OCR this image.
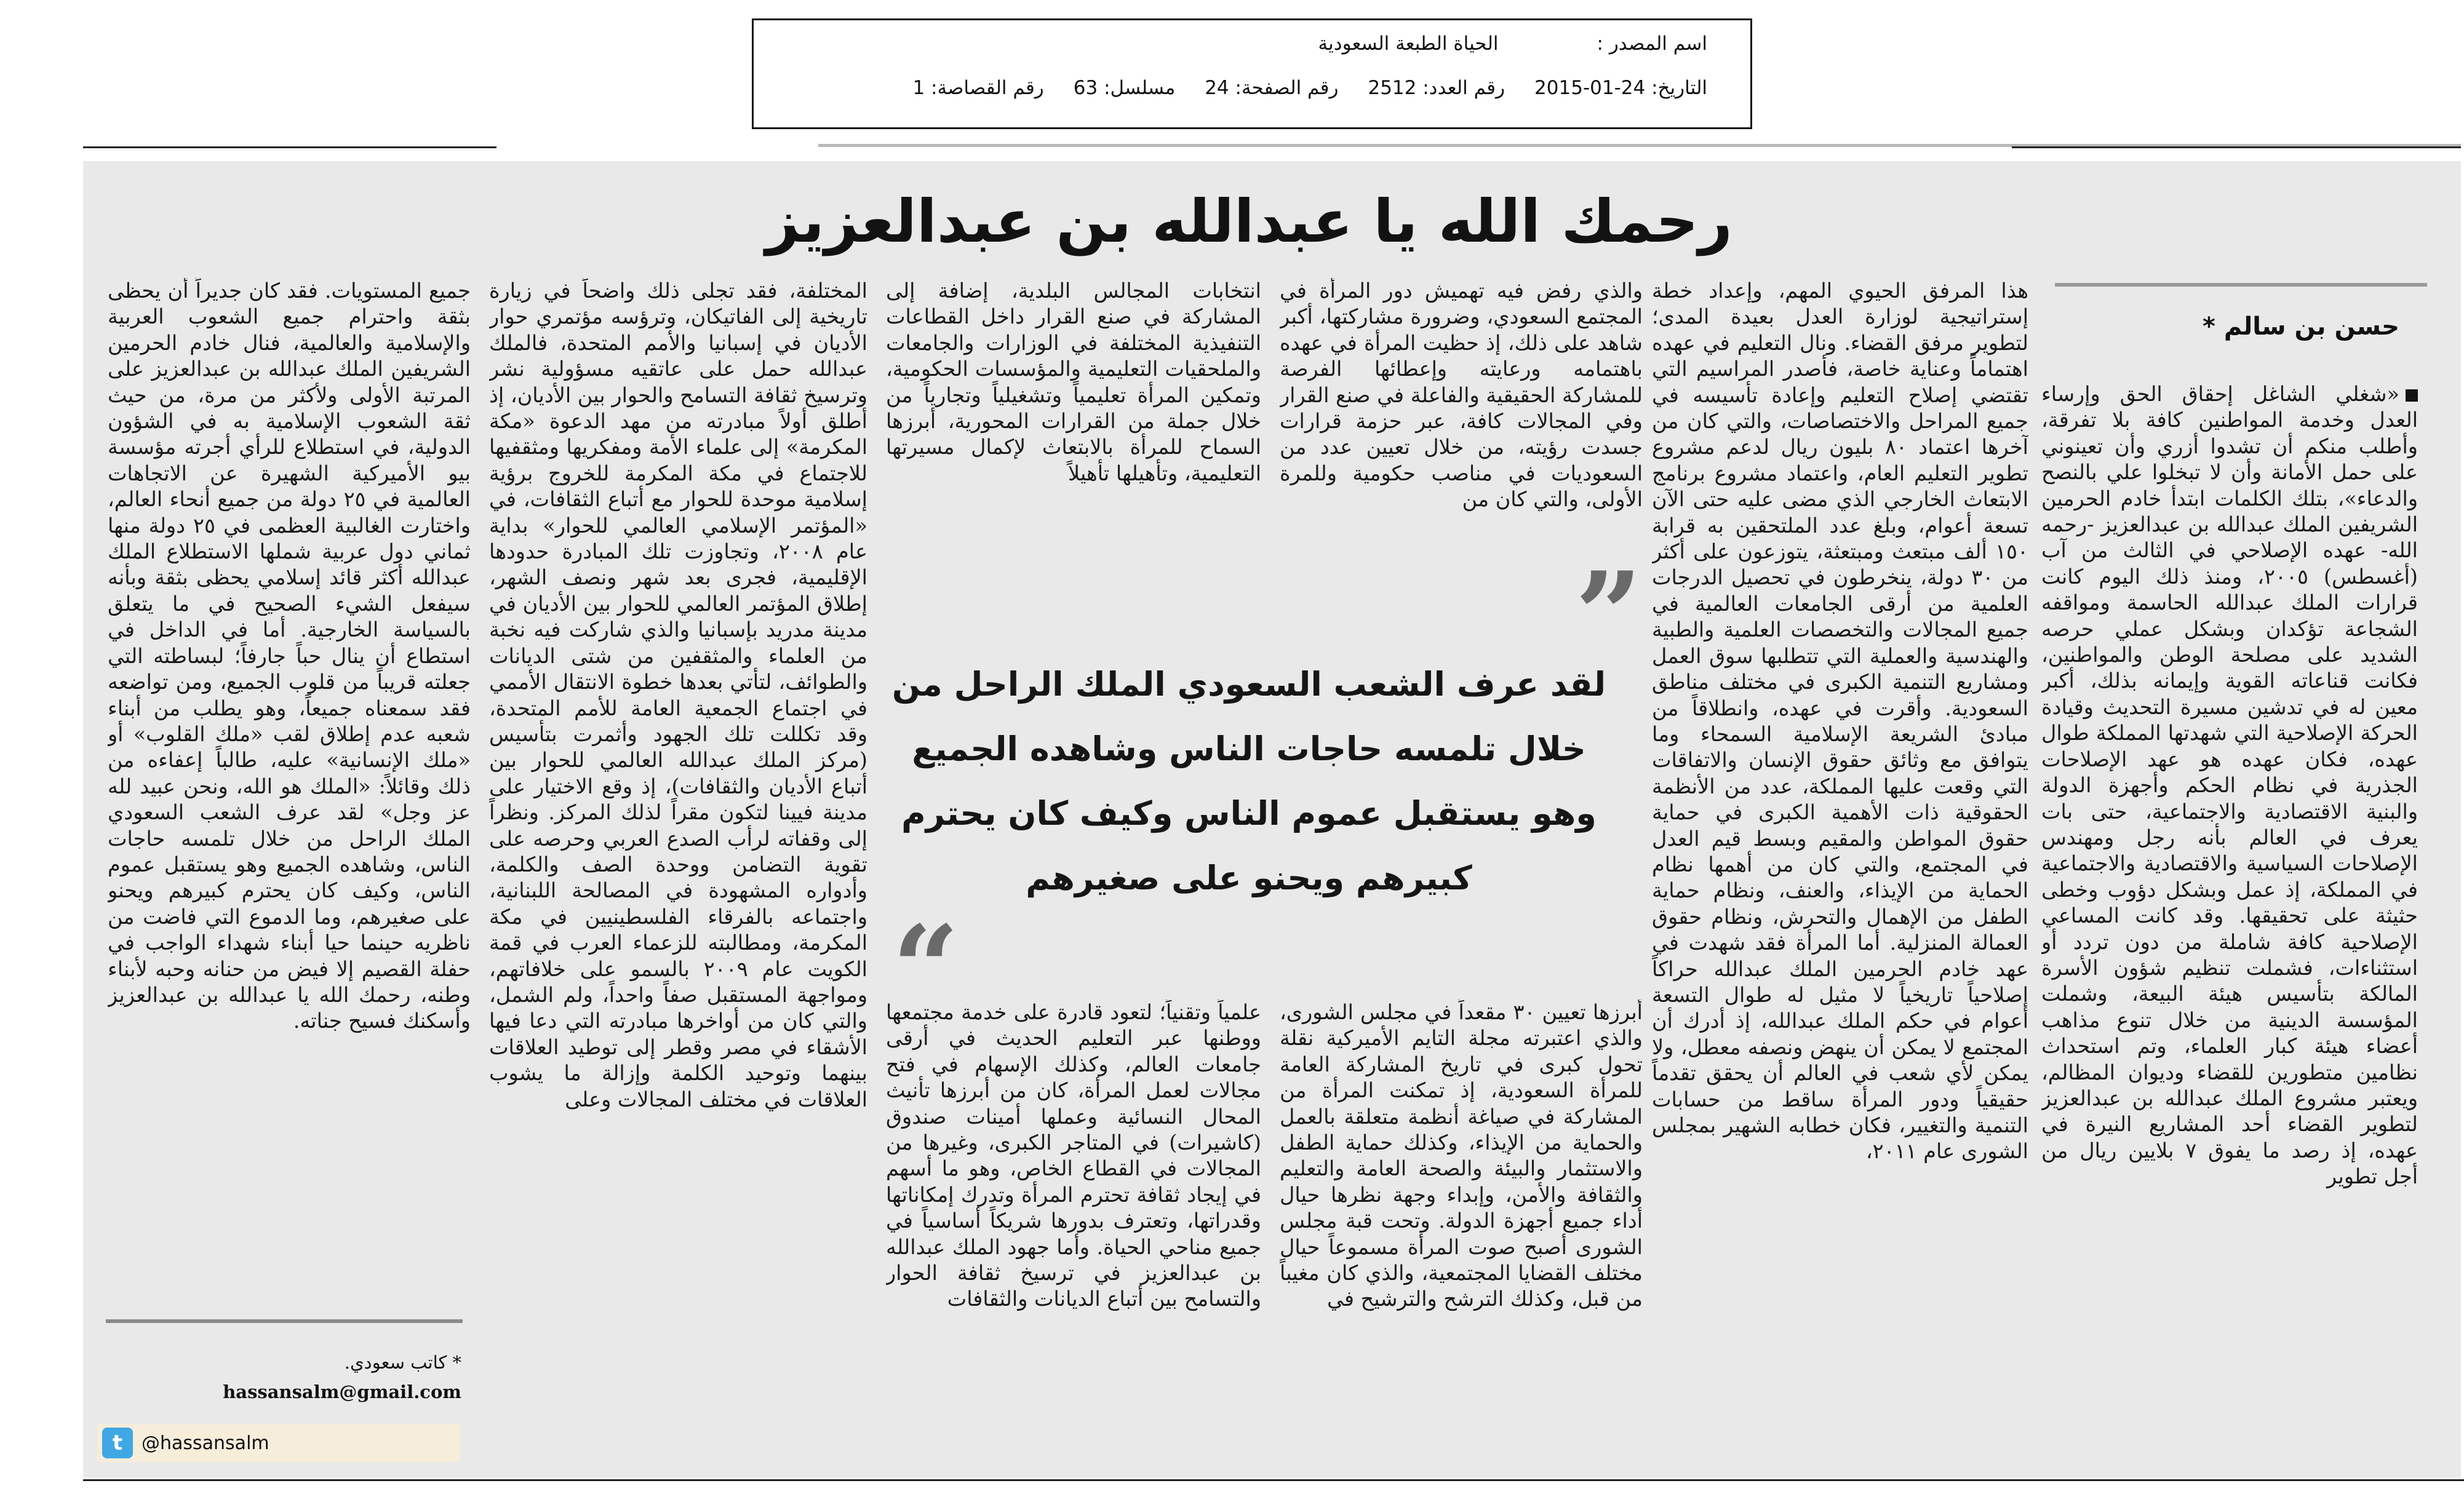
اسم المصدر :
الحياة الطبعة السعودية
التاريخ: 24-01-2015
رقم العدد: 2512
رقم الصفحة: 24
مسلسل: 63
رقم القصاصة: 1
رحمك الله يا عبدالله بن عبدالعزيز
حسن بن سالم *

«شغلي الشاغل إحقاق الحق وإرساء العدل وخدمة المواطنين كافة بلا تفرقة، وأطلب منكم أن تشدوا أزري وأن تعينوني على حمل الأمانة وأن لا تبخلوا علي بالنصح والدعاء»، بتلك الكلمات ابتدأ خادم الحرمين الشريفين الملك عبدالله بن عبدالعزيز -رحمه الله- عهده الإصلاحي في الثالث من آب (أغسطس) ٢٠٠٥، ومنذ ذلك اليوم كانت قرارات الملك عبدالله الحاسمة ومواقفه الشجاعة تؤكدان وبشكل عملي حرصه الشديد على مصلحة الوطن والمواطنين، فكانت قناعاته القوية وإيمانه بذلك، أكبر معين له في تدشين مسيرة التحديث وقيادة الحركة الإصلاحية التي شهدتها المملكة طوال عهده، فكان عهده هو عهد الإصلاحات الجذرية في نظام الحكم وأجهزة الدولة والبنية الاقتصادية والاجتماعية، حتى بات يعرف في العالم بأنه رجل ومهندس الإصلاحات السياسية والاقتصادية والاجتماعية في المملكة، إذ عمل وبشكل دؤوب وخطى حثيثة على تحقيقها. وقد كانت المساعي الإصلاحية كافة شاملة من دون تردد أو استثناءات، فشملت تنظيم شؤون الأسرة المالكة بتأسيس هيئة البيعة، وشملت المؤسسة الدينية من خلال تنوع مذاهب أعضاء هيئة كبار العلماء، وتم استحداث نظامين متطورين للقضاء وديوان المظالم، ويعتبر مشروع الملك عبدالله بن عبدالعزيز لتطوير القضاء أحد المشاريع النيرة في عهده، إذ رصد ما يفوق ٧ بلايين ريال من أجل تطوير

هذا المرفق الحيوي المهم، وإعداد خطة إستراتيجية لوزارة العدل بعيدة المدى؛ لتطوير مرفق القضاء. ونال التعليم في عهده اهتماماً وعناية خاصة، فأصدر المراسيم التي تقتضي إصلاح التعليم وإعادة تأسيسه في جميع المراحل والاختصاصات، والتي كان من آخرها اعتماد ٨٠ بليون ريال لدعم مشروع تطوير التعليم العام، واعتماد مشروع برنامج الابتعاث الخارجي الذي مضى عليه حتى الآن تسعة أعوام، وبلغ عدد الملتحقين به قرابة ١٥٠ ألف مبتعث ومبتعثة، يتوزعون على أكثر من ٣٠ دولة، ينخرطون في تحصيل الدرجات العلمية من أرقى الجامعات العالمية في جميع المجالات والتخصصات العلمية والطبية والهندسية والعملية التي تتطلبها سوق العمل ومشاريع التنمية الكبرى في مختلف مناطق السعودية. وأقرت في عهده، وانطلاقاً من مبادئ الشريعة الإسلامية السمحاء وما يتوافق مع وثائق حقوق الإنسان والاتفاقات التي وقعت عليها المملكة، عدد من الأنظمة الحقوقية ذات الأهمية الكبرى في حماية حقوق المواطن والمقيم وبسط قيم العدل في المجتمع، والتي كان من أهمها نظام الحماية من الإيذاء، والعنف، ونظام حماية الطفل من الإهمال والتحرش، ونظام حقوق العمالة المنزلية. أما المرأة فقد شهدت في عهد خادم الحرمين الملك عبدالله حراكاً إصلاحياً تاريخياً لا مثيل له طوال التسعة أعوام في حكم الملك عبدالله، إذ أدرك أن المجتمع لا يمكن أن ينهض ونصفه معطل، ولا يمكن لأي شعب في العالم أن يحقق تقدماً حقيقياً ودور المرأة ساقط من حسابات التنمية والتغيير، فكان خطابه الشهير بمجلس الشورى عام ٢٠١١،

والذي رفض فيه تهميش دور المرأة في المجتمع السعودي، وضرورة مشاركتها، أكبر شاهد على ذلك، إذ حظيت المرأة في عهده باهتمامه ورعايته وإعطائها الفرصة للمشاركة الحقيقية والفاعلة في صنع القرار وفي المجالات كافة، عبر حزمة قرارات جسدت رؤيته، من خلال تعيين عدد من السعوديات في مناصب حكومية وللمرة الأولى، والتي كان من

انتخابات المجالس البلدية، إضافة إلى المشاركة في صنع القرار داخل القطاعات التنفيذية المختلفة في الوزارات والجامعات والملحقيات التعليمية والمؤسسات الحكومية، وتمكين المرأة تعليمياً وتشغيلياً وتجارياً من خلال جملة من القرارات المحورية، أبرزها السماح للمرأة بالابتعاث لإكمال مسيرتها التعليمية، وتأهيلها تأهيلاً

”
لقد عرف الشعب السعودي الملك الراحل من خلال تلمسه حاجات الناس وشاهده الجميع وهو يستقبل عموم الناس وكيف كان يحترم كبيرهم ويحنو على صغيرهم
“	أبرزها تعيين ٣٠ مقعداً في مجلس الشورى، والذي اعتبرته مجلة التايم الأميركية نقلة تحول كبرى في تاريخ المشاركة العامة للمرأة السعودية، إذ تمكنت المرأة من المشاركة في صياغة أنظمة متعلقة بالعمل والحماية من الإيذاء، وكذلك حماية الطفل والاستثمار والبيئة والصحة العامة والتعليم والثقافة والأمن، وإبداء وجهة نظرها حيال أداء جميع أجهزة الدولة. وتحت قبة مجلس الشورى أصبح صوت المرأة مسموعاً حيال مختلف القضايا المجتمعية، والذي كان مغيباً من قبل، وكذلك الترشح والترشيح في

علمياً وتقنياً؛ لتعود قادرة على خدمة مجتمعها ووطنها عبر التعليم الحديث في أرقى جامعات العالم، وكذلك الإسهام في فتح مجالات لعمل المرأة، كان من أبرزها تأنيث المحال النسائية وعملها أمينات صندوق (كاشيرات) في المتاجر الكبرى، وغيرها من المجالات في القطاع الخاص، وهو ما أسهم في إيجاد ثقافة تحترم المرأة وتدرك إمكاناتها وقدراتها، وتعترف بدورها شريكاً أساسياً في جميع مناحي الحياة. وأما جهود الملك عبدالله بن عبدالعزيز في ترسيخ ثقافة الحوار والتسامح بين أتباع الديانات والثقافات

المختلفة، فقد تجلى ذلك واضحاً في زيارة تاريخية إلى الفاتيكان، وترؤسه مؤتمري حوار الأديان في إسبانيا والأمم المتحدة، فالملك عبدالله حمل على عاتقيه مسؤولية نشر وترسيخ ثقافة التسامح والحوار بين الأديان، إذ أطلق أولاً مبادرته من مهد الدعوة «مكة المكرمة» إلى علماء الأمة ومفكريها ومثقفيها للاجتماع في مكة المكرمة للخروج برؤية إسلامية موحدة للحوار مع أتباع الثقافات، في «المؤتمر الإسلامي العالمي للحوار» بداية عام ٢٠٠٨، وتجاوزت تلك المبادرة حدودها الإقليمية، فجرى بعد شهر ونصف الشهر، إطلاق المؤتمر العالمي للحوار بين الأديان في مدينة مدريد بإسبانيا والذي شاركت فيه نخبة من العلماء والمثقفين من شتى الديانات والطوائف، لتأتي بعدها خطوة الانتقال الأممي في اجتماع الجمعية العامة للأمم المتحدة، وقد تكللت تلك الجهود وأثمرت بتأسيس (مركز الملك عبدالله العالمي للحوار بين أتباع الأديان والثقافات)، إذ وقع الاختيار على مدينة فيينا لتكون مقراً لذلك المركز. ونظراً إلى وقفاته لرأب الصدع العربي وحرصه على تقوية التضامن ووحدة الصف والكلمة، وأدواره المشهودة في المصالحة اللبنانية، واجتماعه بالفرقاء الفلسطينيين في مكة المكرمة، ومطالبته للزعماء العرب في قمة الكويت عام ٢٠٠٩ بالسمو على خلافاتهم، ومواجهة المستقبل صفاً واحداً، ولم الشمل، والتي كان من أواخرها مبادرته التي دعا فيها الأشقاء في مصر وقطر إلى توطيد العلاقات بينهما وتوحيد الكلمة وإزالة ما يشوب العلاقات في مختلف المجالات وعلى

جميع المستويات. فقد كان جديراً أن يحظى بثقة واحترام جميع الشعوب العربية والإسلامية والعالمية، فنال خادم الحرمين الشريفين الملك عبدالله بن عبدالعزيز على المرتبة الأولى ولأكثر من مرة، من حيث ثقة الشعوب الإسلامية به في الشؤون الدولية، في استطلاع للرأي أجرته مؤسسة بيو الأميركية الشهيرة عن الاتجاهات العالمية في ٢٥ دولة من جميع أنحاء العالم، واختارت الغالبية العظمى في ٢٥ دولة منها ثماني دول عربية شملها الاستطلاع الملك عبدالله أكثر قائد إسلامي يحظى بثقة وبأنه سيفعل الشيء الصحيح في ما يتعلق بالسياسة الخارجية. أما في الداخل في استطاع أن ينال حباً جارفاً؛ لبساطته التي جعلته قريباً من قلوب الجميع، ومن تواضعه فقد سمعناه جميعاً، وهو يطلب من أبناء شعبه عدم إطلاق لقب «ملك القلوب» أو «ملك الإنسانية» عليه، طالباً إعفاءه من ذلك وقائلاً: «الملك هو الله، ونحن عبيد لله عز وجل» لقد عرف الشعب السعودي الملك الراحل من خلال تلمسه حاجات الناس، وشاهده الجميع وهو يستقبل عموم الناس، وكيف كان يحترم كبيرهم ويحنو على صغيرهم، وما الدموع التي فاضت من ناظريه حينما حيا أبناء شهداء الواجب في حفلة القصيم إلا فيض من حنانه وحبه لأبناء وطنه، رحمك الله يا عبدالله بن عبدالعزيز وأسكنك فسيح جناته.

* كاتب سعودي.
hassansalm@gmail.com
t	@hassansalm
